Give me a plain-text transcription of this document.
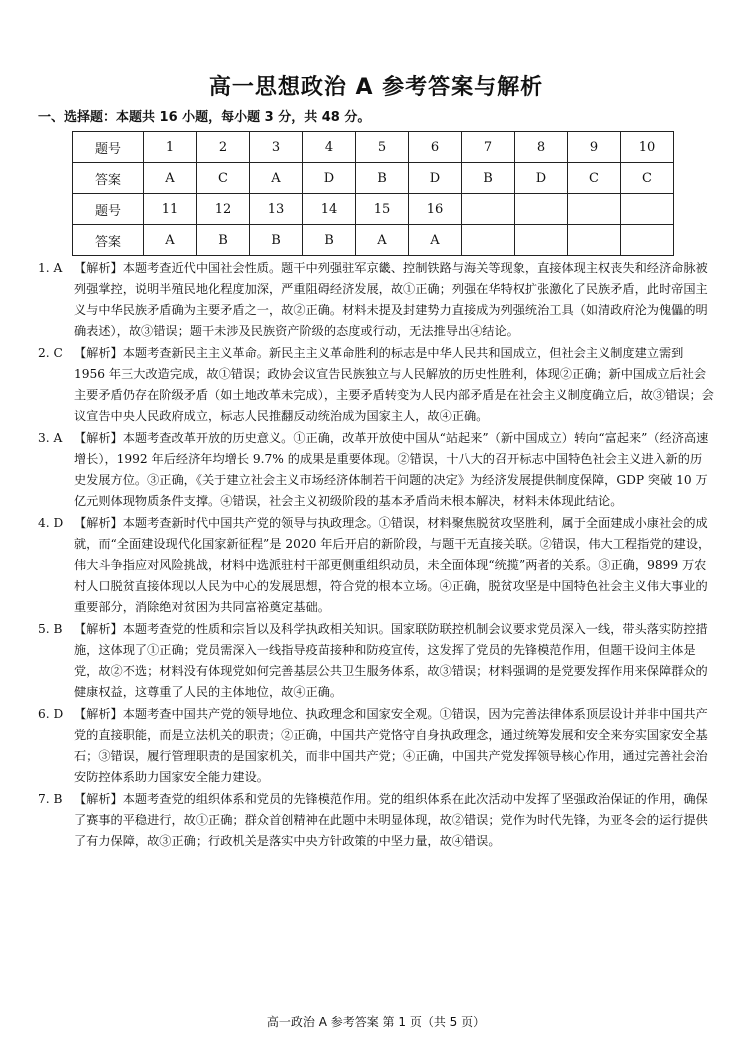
高一思想政治 A 参考答案与解析
一、选择题：本题共 16 小题，每小题 3 分，共 48 分。
题号	1	2	3	4	5	6	7	8	9	10
答案	A	C	A	D	B	D	B	D	C	C
题号	11	12	13	14	15	16				
答案	A	B	B	B	A	A				
1. A 【解析】本题考查近代中国社会性质。题干中列强驻军京畿、控制铁路与海关等现象，直接体现主权丧失和经济命脉被列强掌控，说明半殖民地化程度加深，严重阻碍经济发展，故①正确；列强在华特权扩张激化了民族矛盾，此时帝国主义与中华民族矛盾确为主要矛盾之一，故②正确。材料未提及封建势力直接成为列强统治工具（如清政府沦为傀儡的明确表述），故③错误；题干未涉及民族资产阶级的态度或行动，无法推导出④结论。
2. C 【解析】本题考查新民主主义革命。新民主主义革命胜利的标志是中华人民共和国成立，但社会主义制度建立需到 1956 年三大改造完成，故①错误；政协会议宣告民族独立与人民解放的历史性胜利，体现②正确；新中国成立后社会主要矛盾仍存在阶级矛盾（如土地改革未完成），主要矛盾转变为人民内部矛盾是在社会主义制度确立后，故③错误；会议宣告中央人民政府成立，标志人民推翻反动统治成为国家主人，故④正确。
3. A 【解析】本题考查改革开放的历史意义。①正确，改革开放使中国从“站起来”（新中国成立）转向“富起来”（经济高速增长），1992 年后经济年均增长 9.7% 的成果是重要体现。②错误，十八大的召开标志中国特色社会主义进入新的历史发展方位。③正确，《关于建立社会主义市场经济体制若干问题的决定》为经济发展提供制度保障，GDP 突破 10 万亿元则体现物质条件支撑。④错误，社会主义初级阶段的基本矛盾尚未根本解决，材料未体现此结论。
4. D 【解析】本题考查新时代中国共产党的领导与执政理念。①错误，材料聚焦脱贫攻坚胜利，属于全面建成小康社会的成就，而“全面建设现代化国家新征程”是 2020 年后开启的新阶段，与题干无直接关联。②错误，伟大工程指党的建设，伟大斗争指应对风险挑战，材料中选派驻村干部更侧重组织动员，未全面体现“统揽”两者的关系。③正确，9899 万农村人口脱贫直接体现以人民为中心的发展思想，符合党的根本立场。④正确，脱贫攻坚是中国特色社会主义伟大事业的重要部分，消除绝对贫困为共同富裕奠定基础。
5. B 【解析】本题考查党的性质和宗旨以及科学执政相关知识。国家联防联控机制会议要求党员深入一线，带头落实防控措施，这体现了①正确；党员需深入一线指导疫苗接种和防疫宣传，这发挥了党员的先锋模范作用，但题干设问主体是党，故②不选；材料没有体现党如何完善基层公共卫生服务体系，故③错误；材料强调的是党要发挥作用来保障群众的健康权益，这尊重了人民的主体地位，故④正确。
6. D 【解析】本题考查中国共产党的领导地位、执政理念和国家安全观。①错误，因为完善法律体系顶层设计并非中国共产党的直接职能，而是立法机关的职责；②正确，中国共产党恪守自身执政理念，通过统筹发展和安全来夯实国家安全基石；③错误，履行管理职责的是国家机关，而非中国共产党；④正确，中国共产党发挥领导核心作用，通过完善社会治安防控体系助力国家安全能力建设。
7. B 【解析】本题考查党的组织体系和党员的先锋模范作用。党的组织体系在此次活动中发挥了坚强政治保证的作用，确保了赛事的平稳进行，故①正确；群众首创精神在此题中未明显体现，故②错误；党作为时代先锋，为亚冬会的运行提供了有力保障，故③正确；行政机关是落实中央方针政策的中坚力量，故④错误。
高一政治 A 参考答案 第 1 页（共 5 页）
